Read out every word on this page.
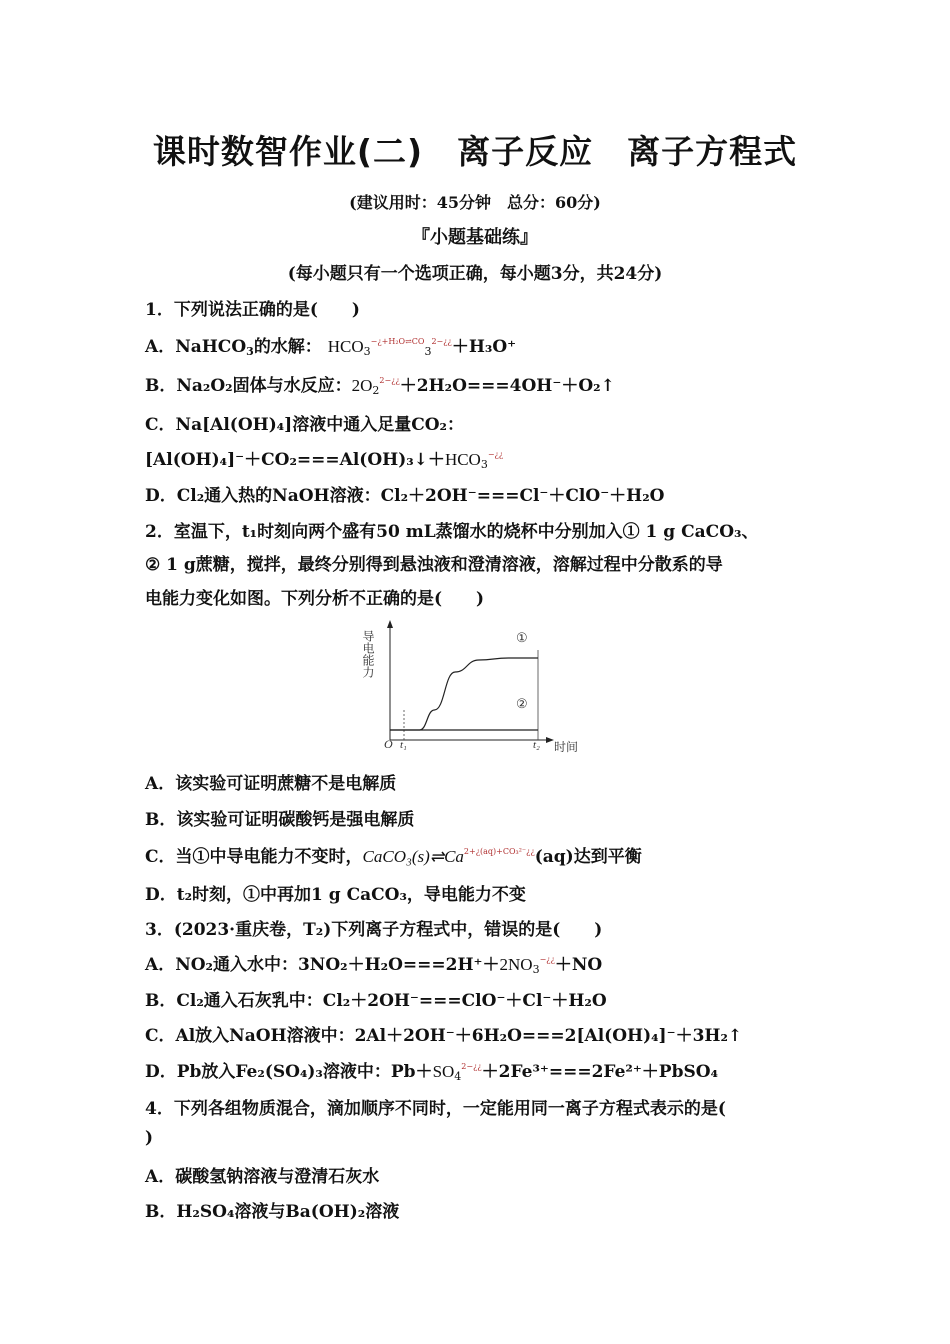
课时数智作业(二)　离子反应　离子方程式
(建议用时：45分钟　总分：60分)
『小题基础练』
(每小题只有一个选项正确，每小题3分，共24分)
1．下列说法正确的是(　　)
A．NaHCO$_3$的水解： $HCO_3^{-¿+H_2O\rightleftharpoons CO}_3^{2-¿¿}+H_3O^+$
B．Na₂O₂固体与水反应：$2O_2^{2-¿¿}+2H_2O===4OH^-+O_2↑$
C．Na[Al(OH)₄]溶液中通入足量CO₂：
$[Al(OH)_4]^-+CO_2===Al(OH)_3↓+HCO_3^{-¿¿}$
D．Cl₂通入热的NaOH溶液：Cl₂＋2OH⁻===Cl⁻＋ClO⁻＋H₂O
2．室温下，t₁时刻向两个盛有50 mL蒸馏水的烧杯中分别加入① 1 g CaCO₃、
② 1 g蔗糖，搅拌，最终分别得到悬浊液和澄清溶液，溶解过程中分散系的导
电能力变化如图。下列分析不正确的是(　　)
导电能力
时间
O t₁	t₂
①
②
A．该实验可证明蔗糖不是电解质
B．该实验可证明碳酸钙是强电解质
C．当①中导电能力不变时，$CaCO_3(s)\rightleftharpoons Ca^{2+¿(aq)+CO_3^{2-}¿¿}(aq)$达到平衡
D．t₂时刻，①中再加1 g CaCO₃，导电能力不变
3．(2023·重庆卷，T₂)下列离子方程式中，错误的是(　　)
A．NO₂通入水中：$3NO_2+H_2O===2H^++2NO_3^{-¿¿}+NO$
B．Cl₂通入石灰乳中：Cl₂＋2OH⁻===ClO⁻＋Cl⁻＋H₂O
C．Al放入NaOH溶液中：2Al＋2OH⁻＋6H₂O===2[Al(OH)₄]⁻＋3H₂↑
D．Pb放入Fe₂(SO₄)₃溶液中：$Pb+SO_4^{2-¿¿}+2Fe^{3+}===2Fe^{2+}+PbSO_4$
4．下列各组物质混合，滴加顺序不同时，一定能用同一离子方程式表示的是(
)
A．碳酸氢钠溶液与澄清石灰水
B．H₂SO₄溶液与Ba(OH)₂溶液
